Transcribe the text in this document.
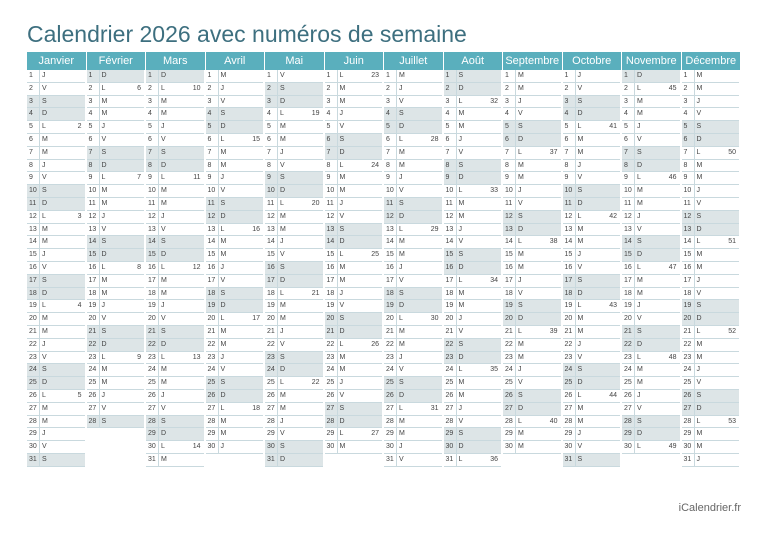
Calendrier 2026 avec numéros de semaine
Janvier
1	J
2	V
3	S
4	D
5	L	2
6	M
7	M
8	J
9	V
10 S
11 D
12 L	3
13 M
14 M
15 J
16 V
17 S
18 D
19 L	4
20 M
21 M
22 J
23 V
24 S
25 D
26 L	5
27 M
28 M
29 J
30 V
31 S
Février
1	D
2	L	6
3	M
4	M
5	J
6	V
7	S
8	D
9	L	7
10 M
11 M
12 J
13 V
14 S
15 D
16 L	8
17 M
18 M
19 J
20 V
21 S
22 D
23 L	9
24 M
25 M
26 J
27 V
28 S
Mars
1	D
2	L	10
3	M
4	M
5	J
6	V
7	S
8	D
9	L	11
10 M
11 M
12 J
13 V
14 S
15 D
16 L	12
17 M
18 M
19 J
20 V
21 S
22 D
23 L	13
24 M
25 M
26 J
27 V
28 S
29 D
30 L	14
31 M
Avril
1	M
2	J
3	V
4	S
5	D
6	L	15
7	M
8	M
9	J
10 V
11 S
12 D
13 L	16
14 M
15 M
16 J
17 V
18 S
19 D
20 L	17
21 M
22 M
23 J
24 V
25 S
26 D
27 L	18
28 M
29 M
30 J
Mai
1	V
2	S
3	D
4	L	19
5	M
6	M
7	J
8	V
9	S
10 D
11 L	20
12 M
13 M
14 J
15 V
16 S
17 D
18 L	21
19 M
20 M
21 J
22 V
23 S
24 D
25 L	22
26 M
27 M
28 J
29 V
30 S
31 D
Juin
1	L	23
2	M
3	M
4	J
5	V
6	S
7	D
8	L	24
9	M
10 M
11 J
12 V
13 S
14 D
15 L	25
16 M
17 M
18 J
19 V
20 S
21 D
22 L	26
23 M
24 M
25 J
26 V
27 S
28 D
29 L	27
30 M
Juillet
1	M
2	J
3	V
4	S
5	D
6	L	28
7	M
8	M
9	J
10 V
11 S
12 D
13 L	29
14 M
15 M
16 J
17 V
18 S
19 D
20 L	30
21 M
22 M
23 J
24 V
25 S
26 D
27 L	31
28 M
29 M
30 J
31 V
Août
1	S
2	D
3	L	32
4	M
5	M
6	J
7	V
8	S
9	D
10 L	33
11 M
12 M
13 J
14 V
15 S
16 D
17 L	34
18 M
19 M
20 J
21 V
22 S
23 D
24 L	35
25 M
26 M
27 J
28 V
29 S
30 D
31 L	36
Septembre
1	M
2	M
3	J
4	V
5	S
6	D
7	L	37
8	M
9	M
10 J
11 V
12 S
13 D
14 L	38
15 M
16 M
17 J
18 V
19 S
20 D
21 L	39
22 M
23 M
24 J
25 V
26 S
27 D
28 L	40
29 M
30 M
Octobre
1	J
2	V
3	S
4	D
5	L	41
6	M
7	M
8	J
9	V
10 S
11 D
12 L	42
13 M
14 M
15 J
16 V
17 S
18 D
19 L	43
20 M
21 M
22 J
23 V
24 S
25 D
26 L	44
27 M
28 M
29 J
30 V
31 S
Novembre
1	D
2	L	45
3	M
4	M
5	J
6	V
7	S
8	D
9	L	46
10 M
11 M
12 J
13 V
14 S
15 D
16 L	47
17 M
18 M
19 J
20 V
21 S
22 D
23 L	48
24 M
25 M
26 J
27 V
28 S
29 D
30 L	49
Décembre
1	M
2	M
3	J
4	V
5	S
6	D
7	L	50
8	M
9	M
10 J
11 V
12 S
13 D
14 L	51
15 M
16 M
17 J
18 V
19 S
20 D
21 L	52
22 M
23 M
24 J
25 V
26 S
27 D
28 L	53
29 M
30 M
31 J
iCalendrier.fr
